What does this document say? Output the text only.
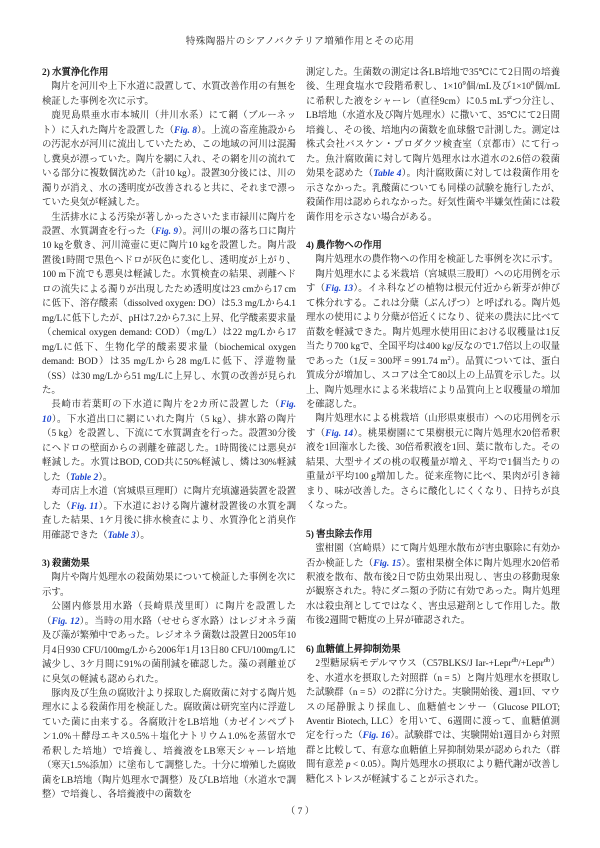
特殊陶器片のシアノバクテリア増殖作用とその応用
2) 水質浄化作用

陶片を河川や上下水道に設置して、水質改善作用の有無を検証した事例を次に示す。

鹿児島県垂水市本城川（井川水系）にて網（ブルーネット）に入れた陶片を設置した（Fig. 8）。上流の畜産施設からの汚泥水が河川に流出していたため、この地域の河川は混濁し糞臭が漂っていた。陶片を網に入れ、その網を川の流れている部分に複数個沈めた（計10 kg）。設置30分後には、川の濁りが消え、水の透明度が改善されると共に、それまで漂っていた臭気が軽減した。

生活排水による汚染が著しかったさいたま市緑川に陶片を設置、水質調査を行った（Fig. 9）。河川の堰の落ち口に陶片10 kgを敷き、河川滝壺に更に陶片10 kgを設置した。陶片設置後1時間で黒色ヘドロが灰色に変化し、透明度が上がり、100 m下流でも悪臭は軽減した。水質検査の結果、剥離ヘドロの流失による濁りが出現したため透明度は23 cmから17 cmに低下、溶存酸素（dissolved oxygen: DO）は5.3 mg/Lから4.1 mg/Lに低下したが、pHは7.2から7.3に上昇、化学酸素要求量（chemical oxygen demand: COD）（mg/L）は22 mg/Lから17 mg/Lに低下、生物化学的酸素要求量（biochemical oxygen demand: BOD）は35 mg/Lから28 mg/Lに低下、浮遊物量（SS）は30 mg/Lから51 mg/Lに上昇し、水質の改善が見られた。

長崎市若葉町の下水道に陶片を2カ所に設置した（Fig. 10）。下水道出口に網にいれた陶片（5 kg）、排水路の陶片（5 kg）を設置し、下流にて水質調査を行った。設置30分後にヘドロの壁面からの剥離を確認した。1時間後には悪臭が軽減した。水質はBOD, COD共に50%軽減し、燐は30%軽減した（Table 2）。

寿司店上水道（宮城県亘理町）に陶片充填濾過装置を設置した（Fig. 11）。下水道における陶片濾材設置後の水質を調査した結果、1ケ月後に排水検査により、水質浄化と消臭作用確認できた（Table 3）。

3) 殺菌効果

陶片や陶片処理水の殺菌効果について検証した事例を次に示す。

公園内修景用水路（長崎県茂里町）に陶片を設置した（Fig. 12）。当時の用水路（せせらぎ水路）はレジオネラ菌及び藻が繁殖中であった。レジオネラ菌数は設置日2005年10月4日930 CFU/100mg/Lから2006年1月13日80 CFU/100mg/Lに減少し、3ケ月間に91%の菌削減を確認した。藻の剥離並びに臭気の軽減も認められた。

豚肉及び生魚の腐敗汁より採取した腐敗菌に対する陶片処理水による殺菌作用を検証した。腐敗菌は研究室内に浮遊していた菌に由来する。各腐敗汁をLB培地（カゼインペプトン1.0%＋酵母エキス0.5%＋塩化ナトリウム1.0%を蒸留水で希釈した培地）で培養し、培養液をLB寒天シャーレ培地（寒天1.5%添加）に塗布して調整した。十分に増殖した腐敗菌をLB培地（陶片処理水で調整）及びLB培地（水道水で調整）で培養し、各培養液中の菌数を

測定した。生菌数の測定は各LB培地で35℃にて2日間の培養後、生理食塩水で段階希釈し、$1\times 10^9$個/mL及び$1\times 10^8$個/mLに希釈した液をシャーレ（直径9cm）に0.5 mLずつ分注し、LB培地（水道水及び陶片処理水）に撒いて、35℃にて2日間培養し、その後、培地内の菌数を血球盤で計測した。測定は株式会社バスケン・プロダクツ検査室（京都市）にて行った。魚汁腐敗菌に対して陶片処理水は水道水の2.6倍の殺菌効果を認めた（Table 4）。肉汁腐敗菌に対しては殺菌作用を示さなかった。乳酸菌についても同様の試験を施行したが、殺菌作用は認められなかった。好気性菌や半嫌気性菌には殺菌作用を示さない場合がある。

4) 農作物への作用

陶片処理水の農作物への作用を検証した事例を次に示す。

陶片処理水による米栽培（宮城県三股町）への応用例を示す（Fig. 13）。イネ科などの植物は根元付近から新芽が伸びて株分れする。これは分蘖（ぶんげつ）と呼ばれる。陶片処理水の使用により分蘖が倍近くになり、従来の農法に比べて苗数を軽減できた。陶片処理水使用田における収穫量は1反当たり700 kgで、全国平均は400 kg/反なので1.7倍以上の収量であった（1反 = 300坪 = 991.74 $m^2$）。品質については、蛋白質成分が増加し、スコアは全て80以上の上品質を示した。以上、陶片処理水による米栽培により品質向上と収穫量の増加を確認した。

陶片処理水による桃栽培（山形県東根市）への応用例を示す（Fig. 14）。桃果樹園にて果樹根元に陶片処理水20倍希釈液を1回潅水した後、30倍希釈液を1回、葉に散布した。その結果、大型サイズの桃の収穫量が増え、平均で1個当たりの重量が平均100 g増加した。従来産物に比べ、果肉が引き締まり、味が改善した。さらに酸化しにくくなり、日持ちが良くなった。

5) 害虫除去作用

蜜柑園（宮崎県）にて陶片処理水散布が害虫駆除に有効か否か検証した（Fig. 15）。蜜柑果樹全体に陶片処理水20倍希釈液を散布、散布後2日で防虫効果出現し、害虫の移動現象が観察された。特にダニ類の予防に有効であった。陶片処理水は殺虫剤としてではなく、害虫忌避剤として作用した。散布後2週間で糖度の上昇が確認された。

6) 血糖値上昇抑制効果

2型糖尿病モデルマウス（C57BLKS/J Iar-+Lepr$^{db}$/+Lepr$^{db}$）を、水道水を摂取した対照群（n = 5）と陶片処理水を摂取した試験群（n = 5）の2群に分けた。実験開始後、週1回、マウスの尾静脈より採血し、血糖値センサー（Glucose PILOT; Aventir Biotech, LLC）を用いて、6週間に渡って、血糖値測定を行った（Fig. 16）。試験群では、実験開始1週目から対照群と比較して、有意な血糖値上昇抑制効果が認められた（群間有意差 p < 0.05）。陶片処理水の摂取により糖代謝が改善し糖化ストレスが軽減することが示された。

（ 7 ）
